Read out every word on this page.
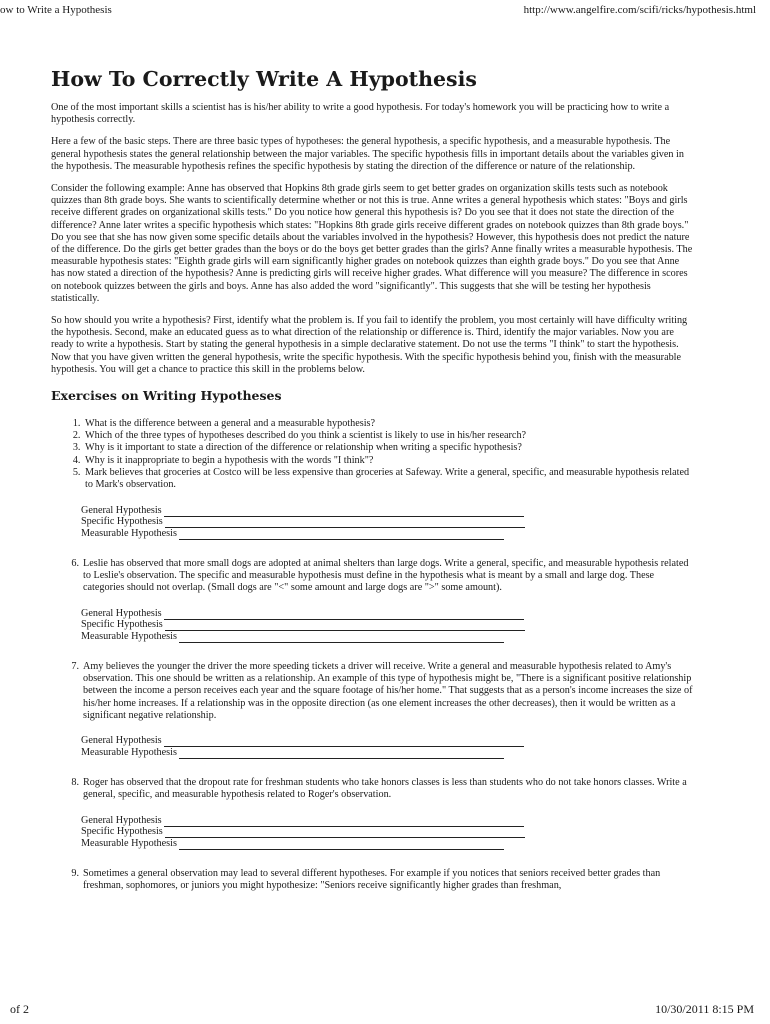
ow to Write a Hypothesis	http://www.angelfire.com/scifi/ricks/hypothesis.html
How To Correctly Write A Hypothesis

One of the most important skills a scientist has is his/her ability to write a good hypothesis. For today's homework you will be practicing how to write a hypothesis correctly.

Here a few of the basic steps. There are three basic types of hypotheses: the general hypothesis, a specific hypothesis, and a measurable hypothesis. The general hypothesis states the general relationship between the major variables. The specific hypothesis fills in important details about the variables given in the hypothesis. The measurable hypothesis refines the specific hypothesis by stating the direction of the difference or nature of the relationship.

Consider the following example: Anne has observed that Hopkins 8th grade girls seem to get better grades on organization skills tests such as notebook quizzes than 8th grade boys. She wants to scientifically determine whether or not this is true. Anne writes a general hypothesis which states: "Boys and girls receive different grades on organizational skills tests." Do you notice how general this hypothesis is? Do you see that it does not state the direction of the difference? Anne later writes a specific hypothesis which states: "Hopkins 8th grade girls receive different grades on notebook quizzes than 8th grade boys." Do you see that she has now given some specific details about the variables involved in the hypothesis? However, this hypothesis does not predict the nature of the difference. Do the girls get better grades than the boys or do the boys get better grades than the girls? Anne finally writes a measurable hypothesis. The measurable hypothesis states: "Eighth grade girls will earn significantly higher grades on notebook quizzes than eighth grade boys." Do you see that Anne has now stated a direction of the hypothesis? Anne is predicting girls will receive higher grades. What difference will you measure? The difference in scores on notebook quizzes between the girls and boys. Anne has also added the word "significantly". This suggests that she will be testing her hypothesis statistically.

So how should you write a hypothesis? First, identify what the problem is. If you fail to identify the problem, you most certainly will have difficulty writing the hypothesis. Second, make an educated guess as to what direction of the relationship or difference is. Third, identify the major variables. Now you are ready to write a hypothesis. Start by stating the general hypothesis in a simple declarative statement. Do not use the terms "I think" to start the hypothesis. Now that you have given written the general hypothesis, write the specific hypothesis. With the specific hypothesis behind you, finish with the measurable hypothesis. You will get a chance to practice this skill in the problems below.

Exercises on Writing Hypotheses
1. What is the difference between a general and a measurable hypothesis?
2. Which of the three types of hypotheses described do you think a scientist is likely to use in his/her research?
3. Why is it important to state a direction of the difference or relationship when writing a specific hypothesis?
4. Why is it inappropriate to begin a hypothesis with the words "I think"?
5. Mark believes that groceries at Costco will be less expensive than groceries at Safeway. Write a general, specific, and measurable hypothesis related to Mark's observation.
General Hypothesis
Specific Hypothesis
Measurable Hypothesis
6. Leslie has observed that more small dogs are adopted at animal shelters than large dogs. Write a general, specific, and measurable hypothesis related to Leslie's observation. The specific and measurable hypothesis must define in the hypothesis what is meant by a small and large dog. These categories should not overlap. (Small dogs are "<" some amount and large dogs are ">" some amount).
General Hypothesis
Specific Hypothesis
Measurable Hypothesis
7. Amy believes the younger the driver the more speeding tickets a driver will receive. Write a general and measurable hypothesis related to Amy's observation. This one should be written as a relationship. An example of this type of hypothesis might be, "There is a significant positive relationship between the income a person receives each year and the square footage of his/her home." That suggests that as a person's income increases the size of his/her home increases. If a relationship was in the opposite direction (as one element increases the other decreases), then it would be written as a significant negative relationship.
General Hypothesis
Measurable Hypothesis
8. Roger has observed that the dropout rate for freshman students who take honors classes is less than students who do not take honors classes. Write a general, specific, and measurable hypothesis related to Roger's observation.
General Hypothesis
Specific Hypothesis
Measurable Hypothesis
9. Sometimes a general observation may lead to several different hypotheses. For example if you notices that seniors received better grades than freshman, sophomores, or juniors you might hypothesize: "Seniors receive significantly higher grades than freshman,
of 2	10/30/2011 8:15 PM
